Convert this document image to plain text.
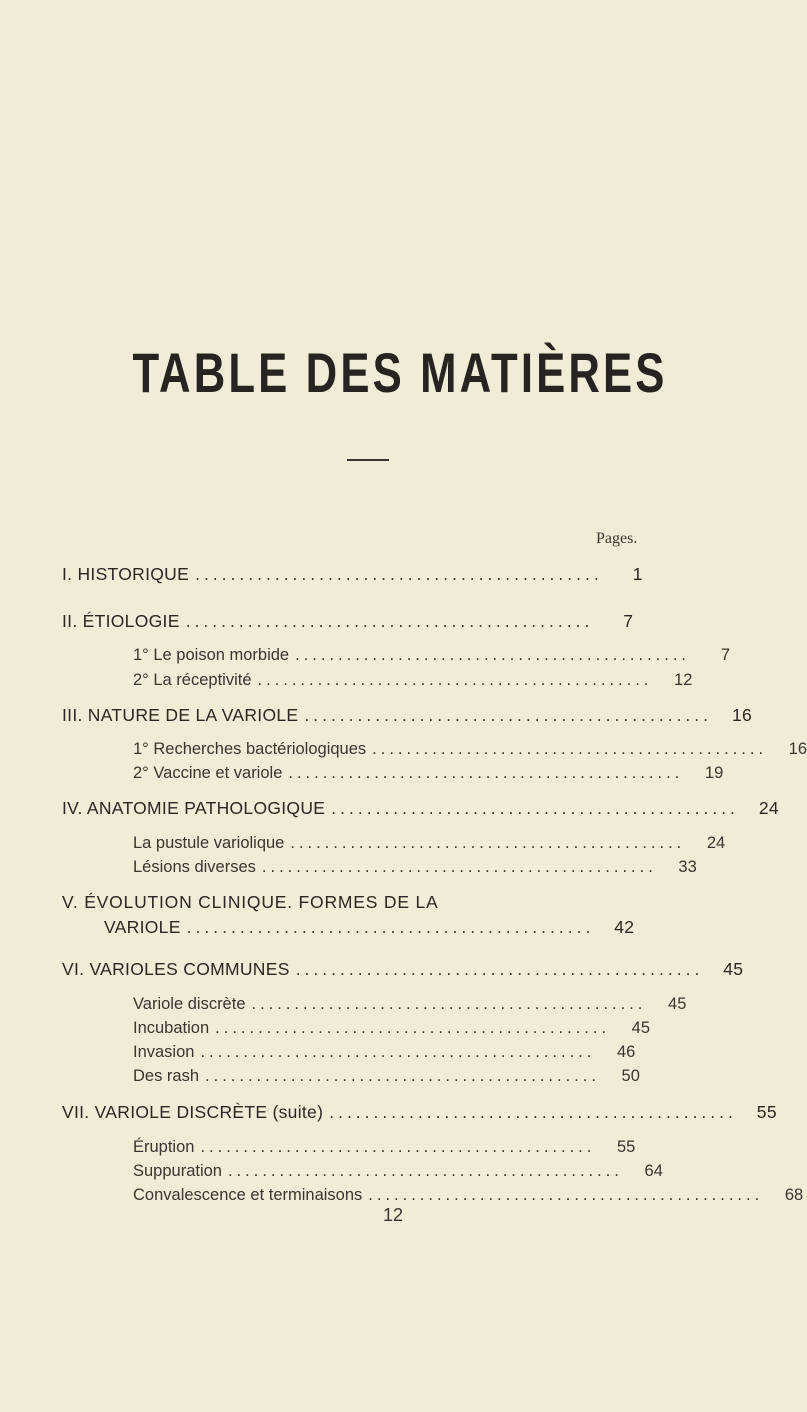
TABLE DES MATIÈRES
Pages.
I. HISTORIQUE ..............................................	1
II. ÉTIOLOGIE ..............................................	7
1° Le poison morbide ..............................................	7
2° La réceptivité ..............................................	12
III. NATURE DE LA VARIOLE ..............................................	16
1° Recherches bactériologiques ..............................................	16
2° Vaccine et variole ..............................................	19
IV. ANATOMIE PATHOLOGIQUE ..............................................	24
La pustule variolique ..............................................	24
Lésions diverses ..............................................	33
V. ÉVOLUTION CLINIQUE. FORMES DE LA
VARIOLE ..............................................	42
VI. VARIOLES COMMUNES ..............................................	45
Variole discrète ..............................................	45
Incubation ..............................................	45
Invasion ..............................................	46
Des rash ..............................................	50
VII. VARIOLE DISCRÈTE (suite) ..............................................	55
Éruption ..............................................	55
Suppuration ..............................................	64
Convalescence et terminaisons ..............................................	68
12
